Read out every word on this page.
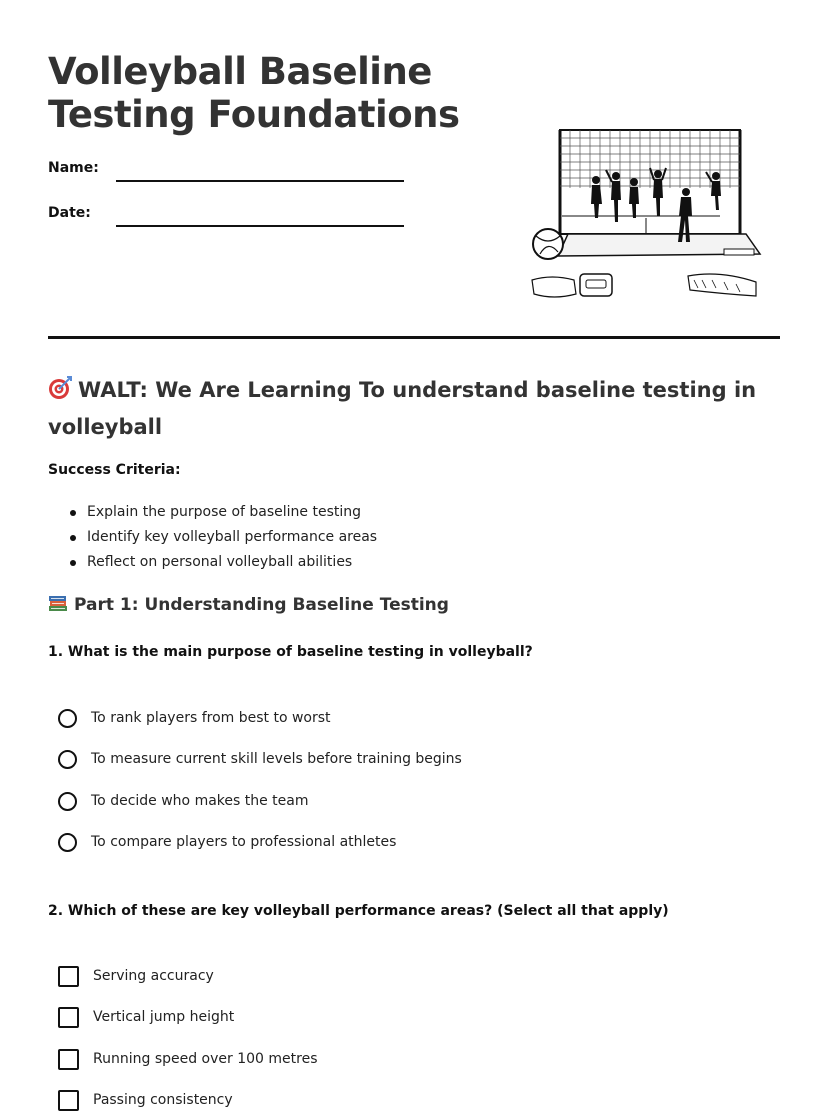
Volleyball Baseline Testing Foundations
Name:
Date:
WALT: We Are Learning To understand baseline testing in volleyball
Success Criteria:
Explain the purpose of baseline testing
Identify key volleyball performance areas
Reflect on personal volleyball abilities
Part 1: Understanding Baseline Testing
1. What is the main purpose of baseline testing in volleyball?
To rank players from best to worst
To measure current skill levels before training begins
To decide who makes the team
To compare players to professional athletes
2. Which of these are key volleyball performance areas? (Select all that apply)
Serving accuracy
Vertical jump height
Running speed over 100 metres
Passing consistency
